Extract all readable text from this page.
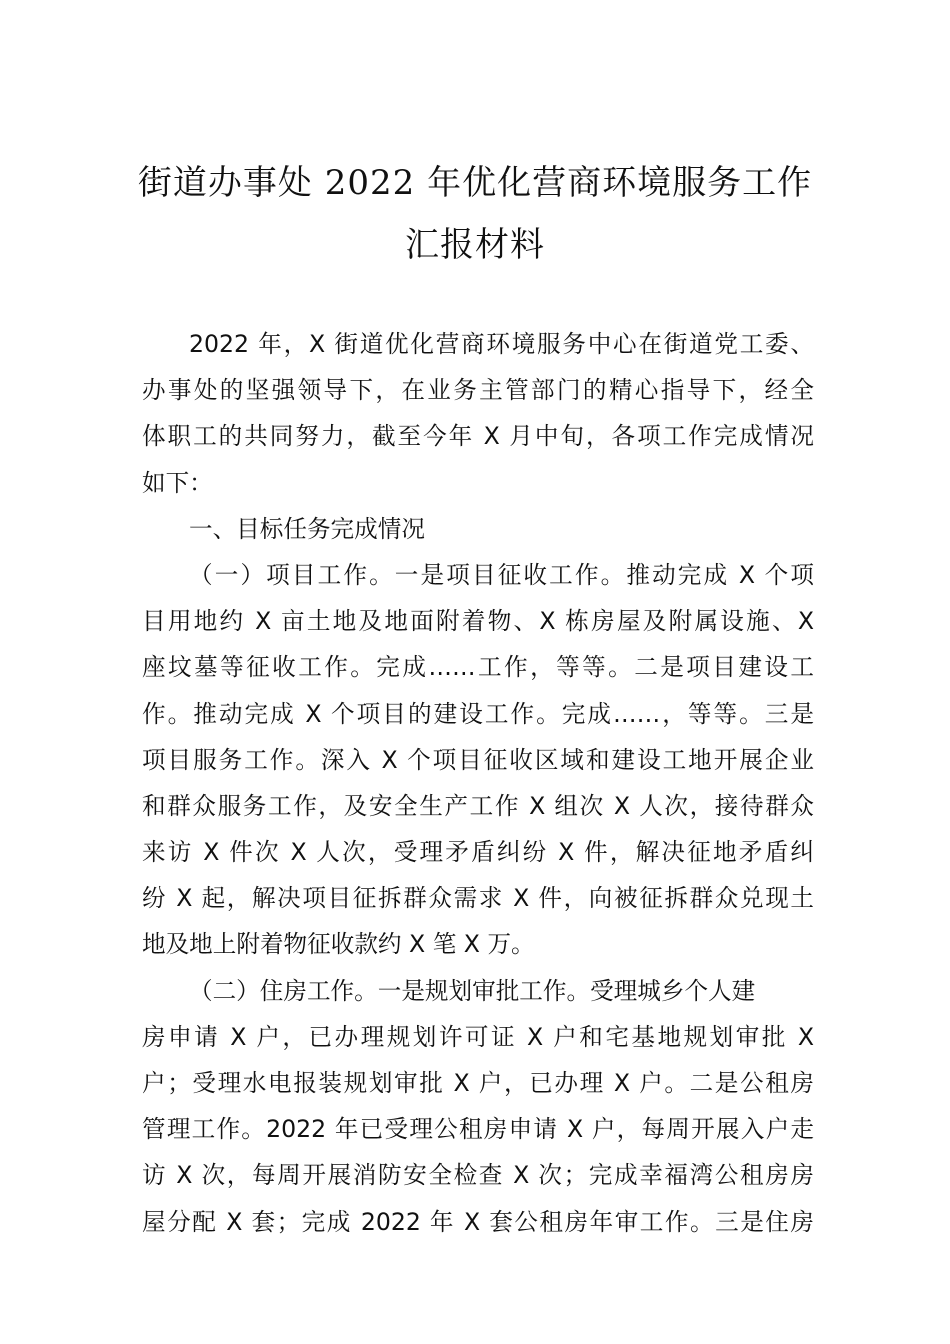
街道办事处 2022 年优化营商环境服务工作
汇报材料
2022 年，X 街道优化营商环境服务中心在街道党工委、
办事处的坚强领导下，在业务主管部门的精心指导下，经全
体职工的共同努力，截至今年 X 月中旬，各项工作完成情况
如下：
一、目标任务完成情况
（一）项目工作。一是项目征收工作。推动完成 X 个项
目用地约 X 亩土地及地面附着物、X 栋房屋及附属设施、X
座坟墓等征收工作。完成……工作，等等。二是项目建设工
作。推动完成 X 个项目的建设工作。完成……，等等。三是
项目服务工作。深入 X 个项目征收区域和建设工地开展企业
和群众服务工作，及安全生产工作 X 组次 X 人次，接待群众
来访 X 件次 X 人次，受理矛盾纠纷 X 件，解决征地矛盾纠
纷 X 起，解决项目征拆群众需求 X 件，向被征拆群众兑现土
地及地上附着物征收款约 X 笔 X 万。
（二）住房工作。一是规划审批工作。受理城乡个人建
房申请 X 户，已办理规划许可证 X 户和宅基地规划审批 X
户；受理水电报装规划审批 X 户，已办理 X 户。二是公租房
管理工作。2022 年已受理公租房申请 X 户，每周开展入户走
访 X 次，每周开展消防安全检查 X 次；完成幸福湾公租房房
屋分配 X 套；完成 2022 年 X 套公租房年审工作。三是住房
